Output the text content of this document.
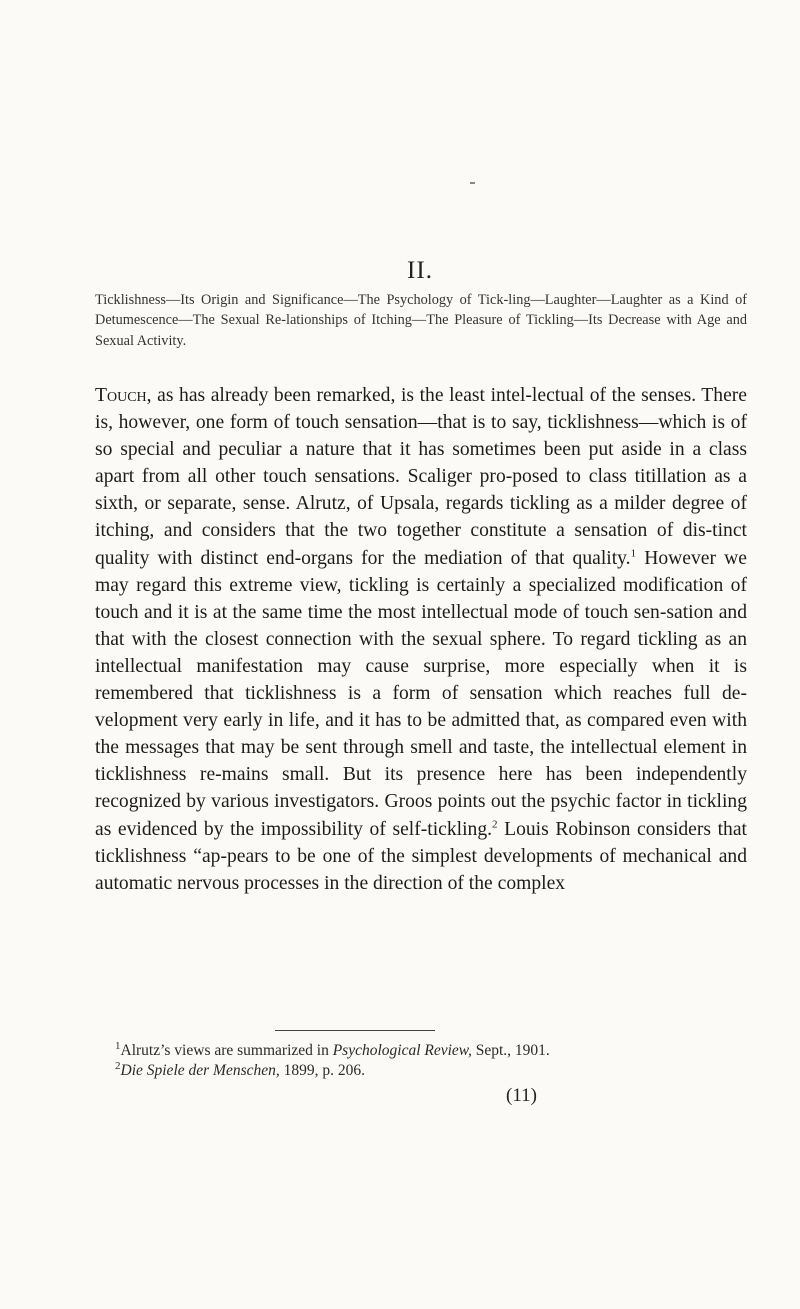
II.
Ticklishness—Its Origin and Significance—The Psychology of Tick-ling—Laughter—Laughter as a Kind of Detumescence—The Sexual Re-lationships of Itching—The Pleasure of Tickling—Its Decrease with Age and Sexual Activity.
Touch, as has already been remarked, is the least intel-lectual of the senses. There is, however, one form of touch sensation—that is to say, ticklishness—which is of so special and peculiar a nature that it has sometimes been put aside in a class apart from all other touch sensations. Scaliger pro-posed to class titillation as a sixth, or separate, sense. Alrutz, of Upsala, regards tickling as a milder degree of itching, and considers that the two together constitute a sensation of dis-tinct quality with distinct end-organs for the mediation of that quality.$^1$ However we may regard this extreme view, tickling is certainly a specialized modification of touch and it is at the same time the most intellectual mode of touch sen-sation and that with the closest connection with the sexual sphere. To regard tickling as an intellectual manifestation may cause surprise, more especially when it is remembered that ticklishness is a form of sensation which reaches full de-velopment very early in life, and it has to be admitted that, as compared even with the messages that may be sent through smell and taste, the intellectual element in ticklishness re-mains small. But its presence here has been independently recognized by various investigators. Groos points out the psychic factor in tickling as evidenced by the impossibility of self-tickling.$^2$ Louis Robinson considers that ticklishness “ap-pears to be one of the simplest developments of mechanical and automatic nervous processes in the direction of the complex
$^1$Alrutz’s views are summarized in Psychological Review, Sept., 1901.
$^2$Die Spiele der Menschen, 1899, p. 206.
(11)
